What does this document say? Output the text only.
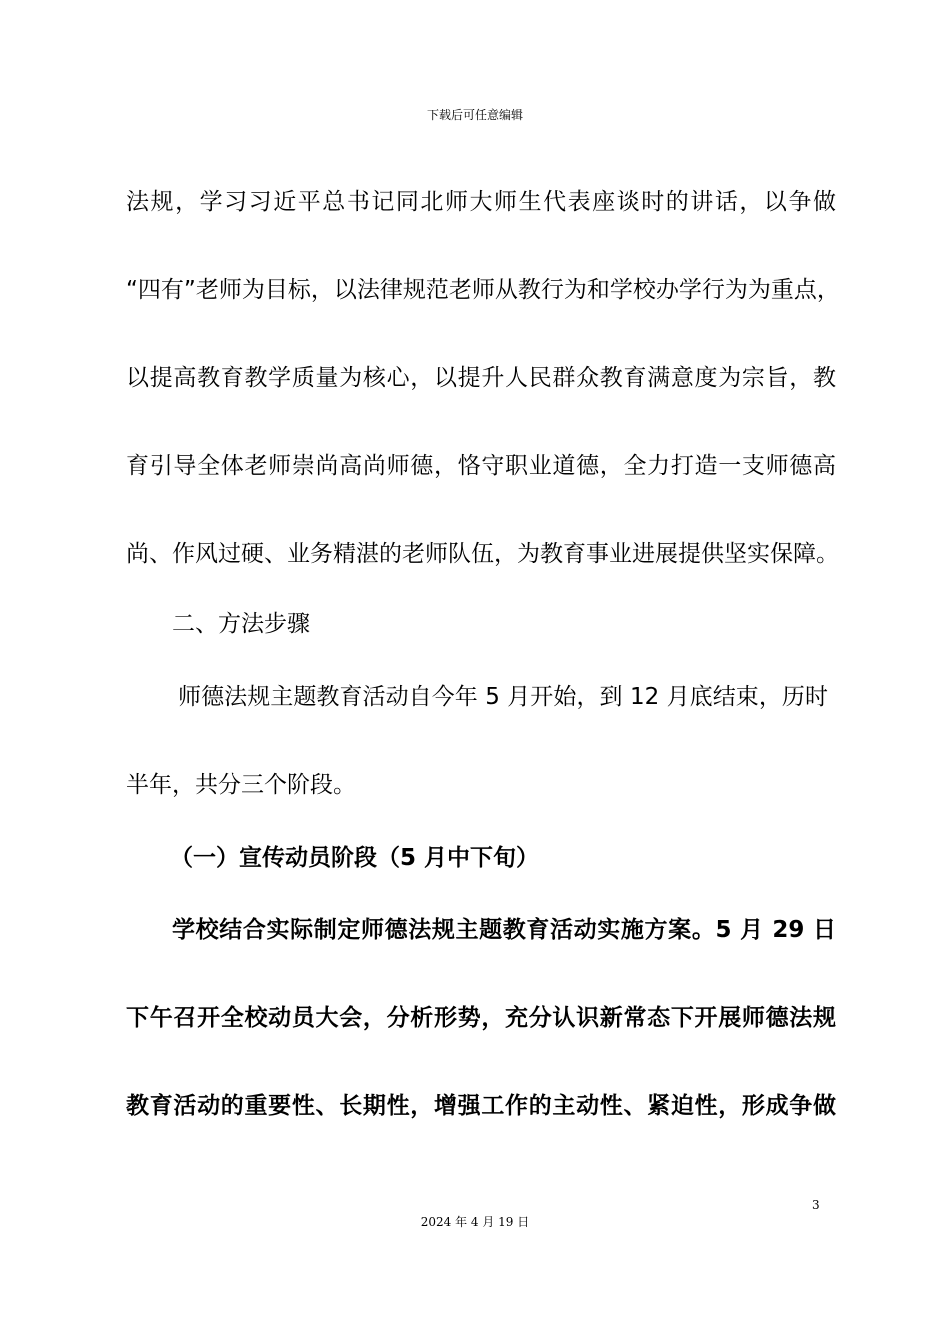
下载后可任意编辑
法规，学习习近平总书记同北师大师生代表座谈时的讲话，以争做
“四有”老师为目标，以法律规范老师从教行为和学校办学行为为重点，
以提高教育教学质量为核心，以提升人民群众教育满意度为宗旨，教
育引导全体老师崇尚高尚师德，恪守职业道德，全力打造一支师德高
尚、作风过硬、业务精湛的老师队伍，为教育事业进展提供坚实保障。
二、方法步骤
师德法规主题教育活动自今年 5 月开始，到 12 月底结束，历时
半年，共分三个阶段。
（一）宣传动员阶段（5 月中下旬）
学校结合实际制定师德法规主题教育活动实施方案。5 月 29 日
下午召开全校动员大会，分析形势，充分认识新常态下开展师德法规
教育活动的重要性、长期性，增强工作的主动性、紧迫性，形成争做
3
2024 年 4 月 19 日
